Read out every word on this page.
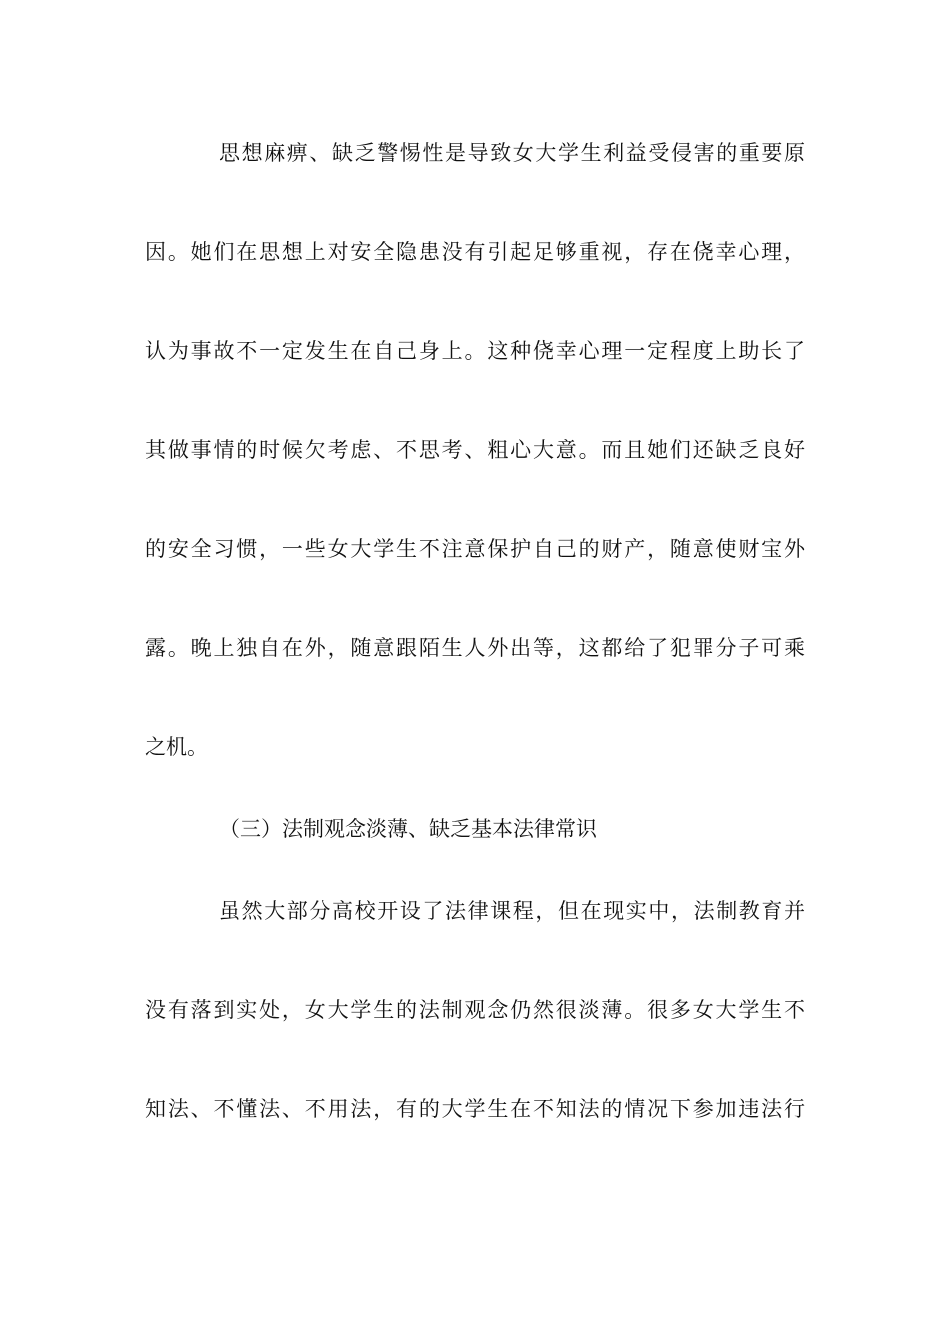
思想麻痹、缺乏警惕性是导致女大学生利益受侵害的重要原
因。她们在思想上对安全隐患没有引起足够重视，存在侥幸心理，
认为事故不一定发生在自己身上。这种侥幸心理一定程度上助长了
其做事情的时候欠考虑、不思考、粗心大意。而且她们还缺乏良好
的安全习惯，一些女大学生不注意保护自己的财产，随意使财宝外
露。晚上独自在外，随意跟陌生人外出等，这都给了犯罪分子可乘
之机。
（三）法制观念淡薄、缺乏基本法律常识
虽然大部分高校开设了法律课程，但在现实中，法制教育并
没有落到实处，女大学生的法制观念仍然很淡薄。很多女大学生不
知法、不懂法、不用法，有的大学生在不知法的情况下参加违法行
